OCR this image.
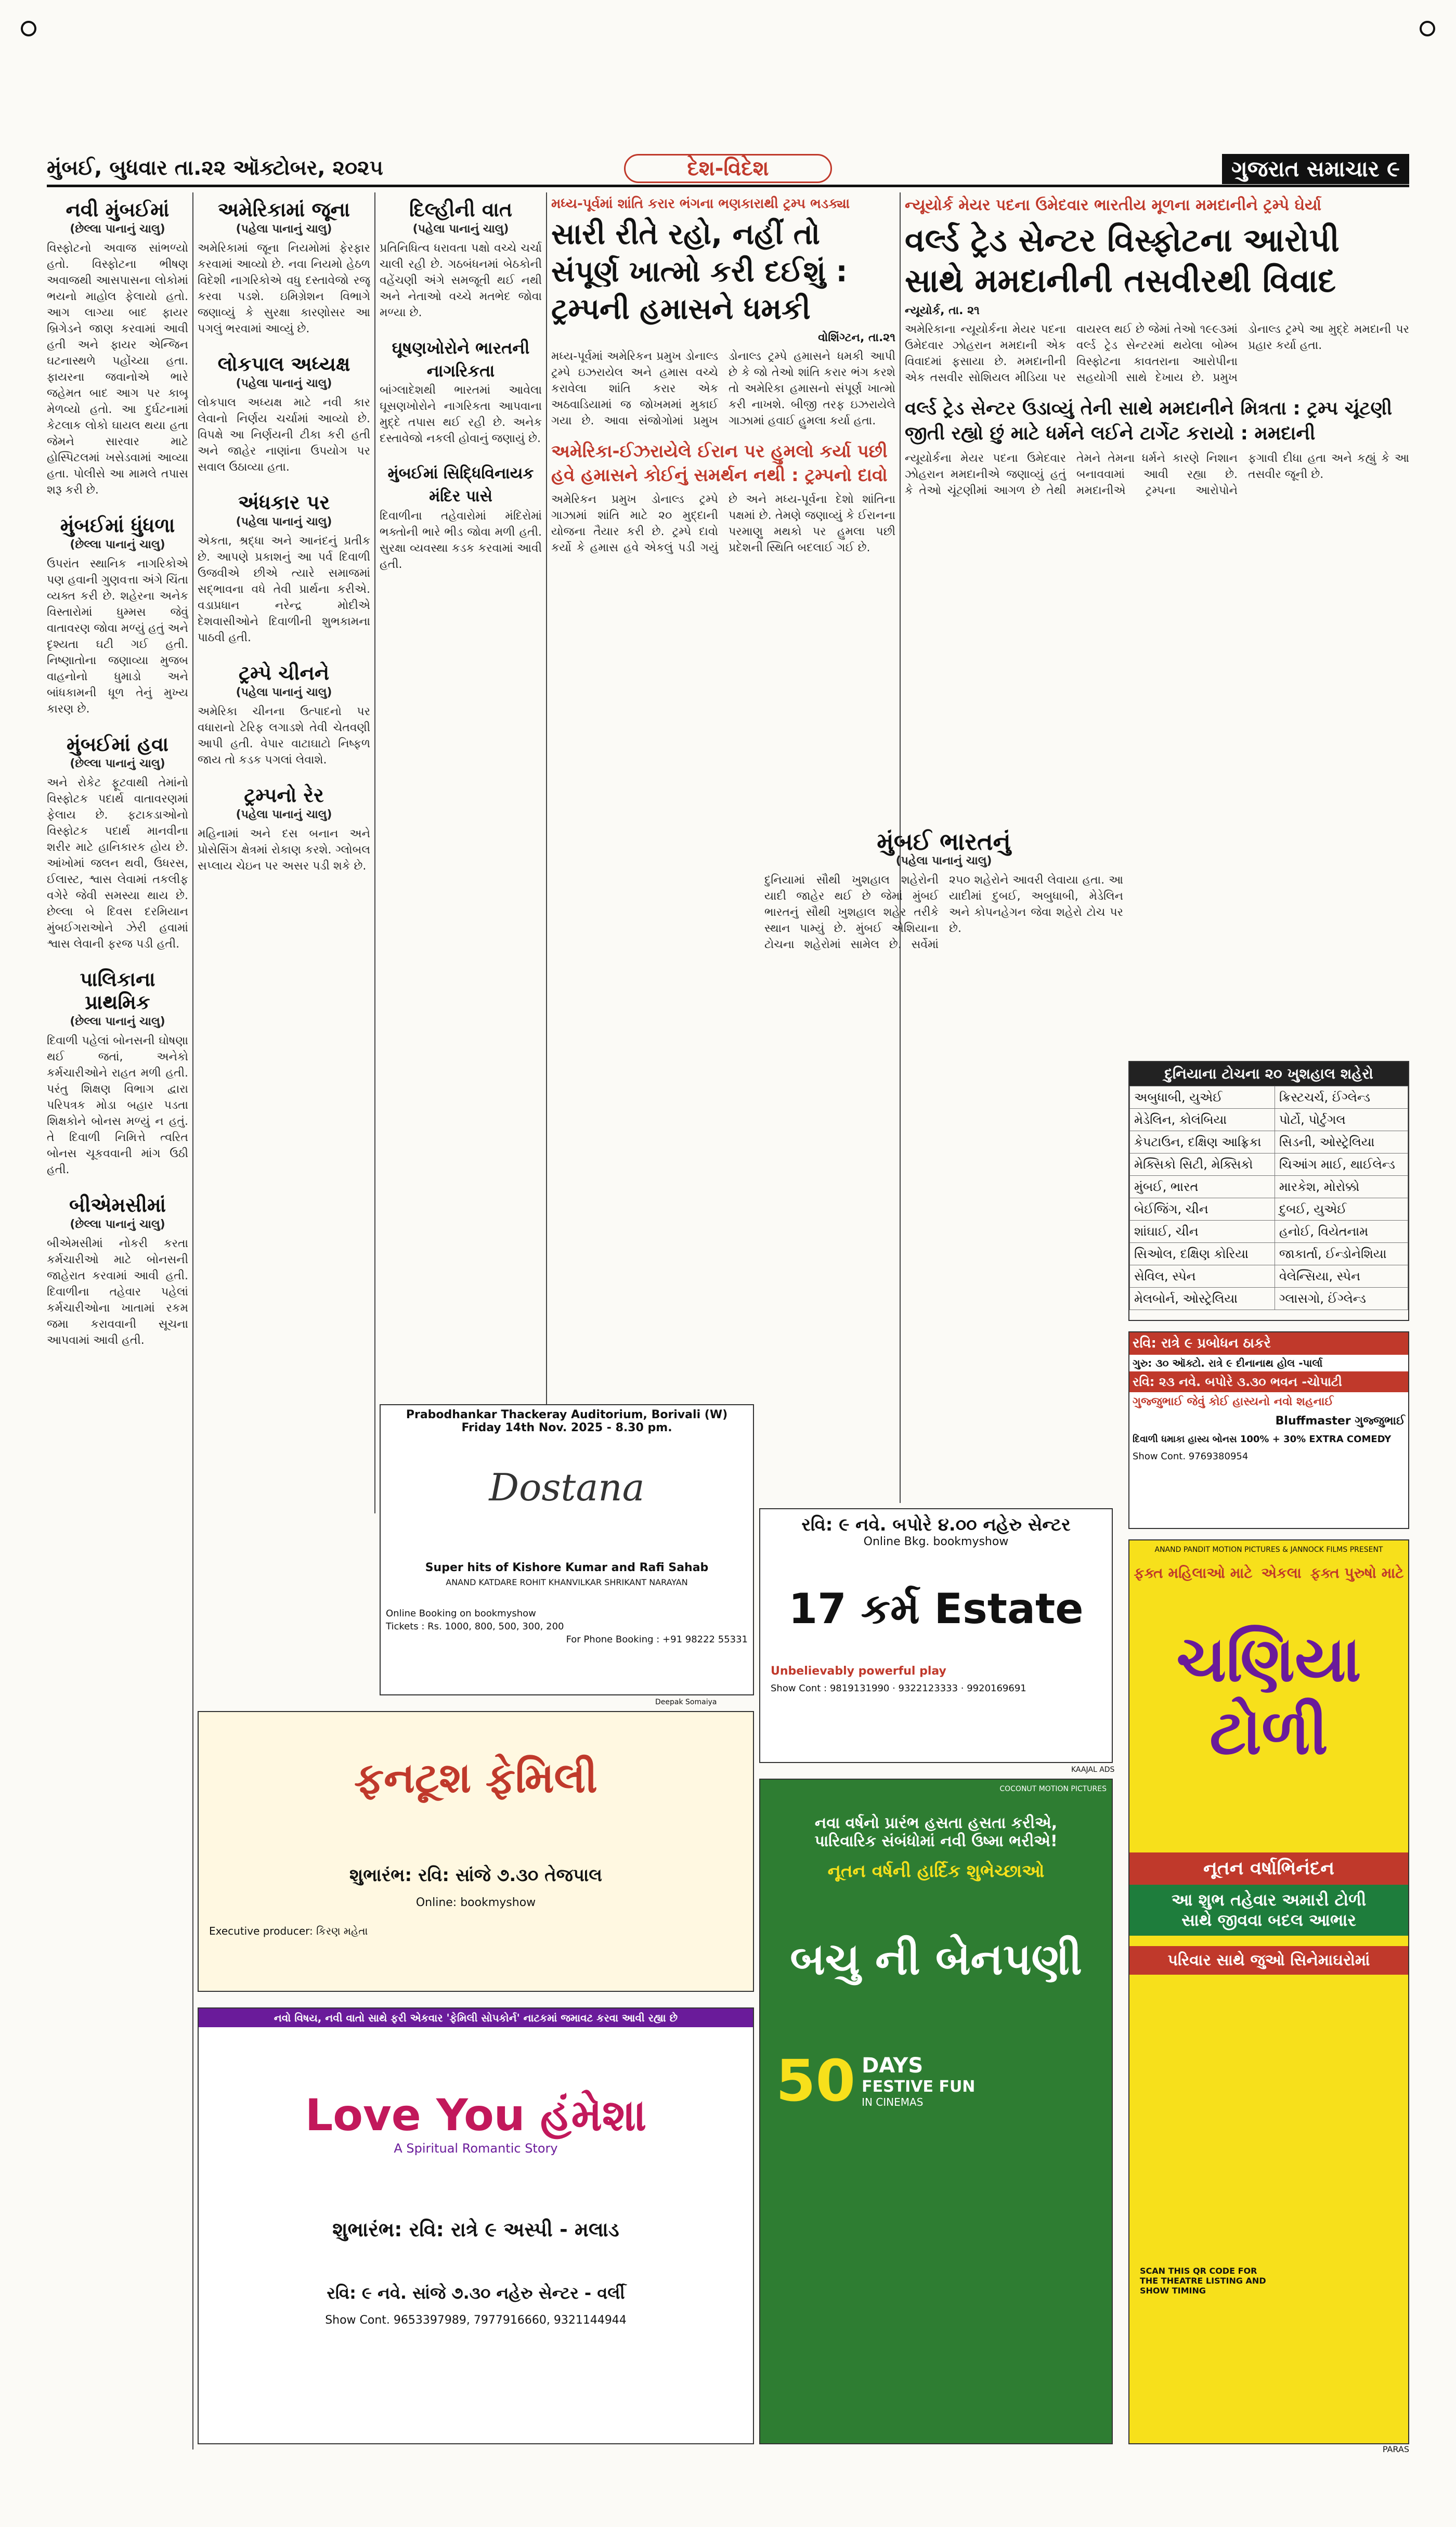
મુંબઈ, બુધવાર તા.૨૨ ઑક્ટોબર, ૨૦૨૫	દેશ-વિદેશ	ગુજરાત સમાચાર ૯
નવી મુંબઈમાં
(છેલ્લા પાનાનું ચાલુ)

વિસ્ફોટનો અવાજ સાંભળ્યો હતો. વિસ્ફોટના ભીષણ અવાજથી આસપાસના લોકોમાં ભયનો માહોલ ફેલાયો હતો. આગ લાગ્યા બાદ ફાયર બ્રિગેડને જાણ કરવામાં આવી હતી અને ફાયર એન્જિન ઘટનાસ્થળે પહોંચ્યા હતા. ફાયરના જવાનોએ ભારે જહેમત બાદ આગ પર કાબૂ મેળવ્યો હતો. આ દુર્ઘટનામાં કેટલાક લોકો ઘાયલ થયા હતા જેમને સારવાર માટે હોસ્પિટલમાં ખસેડવામાં આવ્યા હતા. પોલીસે આ મામલે તપાસ શરૂ કરી છે.

મુંબઈમાં ધુંધળા
(છેલ્લા પાનાનું ચાલુ)

ઉપરાંત સ્થાનિક નાગરિકોએ પણ હવાની ગુણવત્તા અંગે ચિંતા વ્યક્ત કરી છે. શહેરના અનેક વિસ્તારોમાં ધુમ્મસ જેવું વાતાવરણ જોવા મળ્યું હતું અને દૃશ્યતા ઘટી ગઈ હતી. નિષ્ણાતોના જણાવ્યા મુજબ વાહનોનો ધુમાડો અને બાંધકામની ધૂળ તેનું મુખ્ય કારણ છે.

મુંબઈમાં હવા
(છેલ્લા પાનાનું ચાલુ)

અને રોકેટ ફૂટવાથી તેમાંનો વિસ્ફોટક પદાર્થ વાતાવરણમાં ફેલાય છે. ફટાકડાઓનો વિસ્ફોટક પદાર્થ માનવીના શરીર માટે હાનિકારક હોય છે. આંખોમાં જલન થવી, ઉધરસ, ઈલાસ્ટ, શ્વાસ લેવામાં તકલીફ વગેરે જેવી સમસ્યા થાય છે. છેલ્લા બે દિવસ દરમિયાન મુંબઈગરાઓને ઝેરી હવામાં શ્વાસ લેવાની ફરજ પડી હતી.

પાલિકાના પ્રાથમિક
(છેલ્લા પાનાનું ચાલુ)

દિવાળી પહેલાં બોનસની ઘોષણા થઈ જતાં, અનેકો કર્મચારીઓને રાહત મળી હતી. પરંતુ શિક્ષણ વિભાગ દ્વારા પરિપત્રક મોડા બહાર પડતા શિક્ષકોને બોનસ મળ્યું ન હતું. તે દિવાળી નિમિત્તે ત્વરિત બોનસ ચૂકવવાની માંગ ઉઠી હતી.

બીએમસીમાં
(છેલ્લા પાનાનું ચાલુ)

બીએમસીમાં નોકરી કરતા કર્મચારીઓ માટે બોનસની જાહેરાત કરવામાં આવી હતી. દિવાળીના તહેવાર પહેલાં કર્મચારીઓના ખાતામાં રકમ જમા કરાવવાની સૂચના આપવામાં આવી હતી.

અમેરિકામાં જૂના
(પહેલા પાનાનું ચાલુ)

અમેરિકામાં જૂના નિયમોમાં ફેરફાર કરવામાં આવ્યો છે. નવા નિયમો હેઠળ વિદેશી નાગરિકોએ વધુ દસ્તાવેજો રજૂ કરવા પડશે. ઇમિગ્રેશન વિભાગે જણાવ્યું કે સુરક્ષા કારણોસર આ પગલું ભરવામાં આવ્યું છે.

લોકપાલ અધ્યક્ષ
(પહેલા પાનાનું ચાલુ)

લોકપાલ અધ્યક્ષ માટે નવી કાર લેવાનો નિર્ણય ચર્ચામાં આવ્યો છે. વિપક્ષે આ નિર્ણયની ટીકા કરી હતી અને જાહેર નાણાંના ઉપયોગ પર સવાલ ઉઠાવ્યા હતા.

અંધકાર પર
(પહેલા પાનાનું ચાલુ)

એકતા, શ્રદ્ધા અને આનંદનું પ્રતીક છે. આપણે પ્રકાશનું આ પર્વ દિવાળી ઉજવીએ છીએ ત્યારે સમાજમાં સદ્ભાવના વધે તેવી પ્રાર્થના કરીએ. વડાપ્રધાન નરેન્દ્ર મોદીએ દેશવાસીઓને દિવાળીની શુભકામના પાઠવી હતી.

ટ્રમ્પે ચીનને
(પહેલા પાનાનું ચાલુ)

અમેરિકા ચીનના ઉત્પાદનો પર વધારાનો ટેરિફ લગાડશે તેવી ચેતવણી આપી હતી. વેપાર વાટાઘાટો નિષ્ફળ જાય તો કડક પગલાં લેવાશે.

ટ્રમ્પનો રેર
(પહેલા પાનાનું ચાલુ)

મહિનામાં અને દસ બનાન અને પ્રોસેસિંગ ક્ષેત્રમાં રોકાણ કરશે. ગ્લોબલ સપ્લાય ચેઇન પર અસર પડી શકે છે.

દિલ્હીની વાત
(પહેલા પાનાનું ચાલુ)

પ્રતિનિધિત્વ ધરાવતા પક્ષો વચ્ચે ચર્ચા ચાલી રહી છે. ગઠબંધનમાં બેઠકોની વહેંચણી અંગે સમજૂતી થઈ નથી અને નેતાઓ વચ્ચે મતભેદ જોવા મળ્યા છે.

ઘૂષણખોરોને ભારતની નાગરિકતા

બાંગ્લાદેશથી ભારતમાં આવેલા ઘૂસણખોરોને નાગરિકતા આપવાના મુદ્દે તપાસ થઈ રહી છે. અનેક દસ્તાવેજો નકલી હોવાનું જણાયું છે.

મુંબઈમાં સિદ્ધિવિનાયક મંદિર પાસે

દિવાળીના તહેવારોમાં મંદિરોમાં ભક્તોની ભારે ભીડ જોવા મળી હતી. સુરક્ષા વ્યવસ્થા કડક કરવામાં આવી હતી.

મધ્ય-પૂર્વમાં શાંતિ કરાર ભંગના ભણકારાથી ટ્રમ્પ ભડક્યા
સારી રીતે રહો, નહીં તો સંપૂર્ણ ખાત્મો કરી દઈશું : ટ્રમ્પની હમાસને ધમકી
વોશિંગ્ટન, તા.૨૧
મધ્ય-પૂર્વમાં અમેરિકન પ્રમુખ ડોનાલ્ડ ટ્રમ્પે ઇઝરાયેલ અને હમાસ વચ્ચે કરાવેલા શાંતિ કરાર એક અઠવાડિયામાં જ જોખમમાં મુકાઈ ગયા છે. આવા સંજોગોમાં પ્રમુખ ડોનાલ્ડ ટ્રમ્પે હમાસને ધમકી આપી છે કે જો તેઓ શાંતિ કરાર ભંગ કરશે તો અમેરિકા હમાસનો સંપૂર્ણ ખાત્મો કરી નાખશે. બીજી તરફ ઇઝરાયેલે ગાઝામાં હવાઈ હુમલા કર્યા હતા.
અમેરિકા-ઈઝરાયેલે ઈરાન પર હુમલો કર્યા પછી હવે હમાસને કોઈનું સમર્થન નથી : ટ્રમ્પનો દાવો
અમેરિકન પ્રમુખ ડોનાલ્ડ ટ્રમ્પે ગાઝામાં શાંતિ માટે ૨૦ મુદ્દાની યોજના તૈયાર કરી છે. ટ્રમ્પે દાવો કર્યો કે હમાસ હવે એકલું પડી ગયું છે અને મધ્ય-પૂર્વના દેશો શાંતિના પક્ષમાં છે. તેમણે જણાવ્યું કે ઈરાનના પરમાણુ મથકો પર હુમલા પછી પ્રદેશની સ્થિતિ બદલાઈ ગઈ છે.
ન્યૂયોર્ક મેયર પદના ઉમેદવાર ભારતીય મૂળના મમદાનીને ટ્રમ્પે ઘેર્યા
વર્લ્ડ ટ્રેડ સેન્ટર વિસ્ફોટના આરોપી સાથે મમદાનીની તસવીરથી વિવાદ
ન્યૂયોર્ક, તા. ૨૧
અમેરિકાના ન્યૂયોર્કના મેયર પદના ઉમેદવાર ઝોહરાન મમદાની એક વિવાદમાં ફસાયા છે. મમદાનીની એક તસવીર સોશિયલ મીડિયા પર વાયરલ થઈ છે જેમાં તેઓ ૧૯૯૩માં વર્લ્ડ ટ્રેડ સેન્ટરમાં થયેલા બોમ્બ વિસ્ફોટના કાવતરાના આરોપીના સહયોગી સાથે દેખાય છે. પ્રમુખ ડોનાલ્ડ ટ્રમ્પે આ મુદ્દે મમદાની પર પ્રહાર કર્યા હતા.
વર્લ્ડ ટ્રેડ સેન્ટર ઉડાવ્યું તેની સાથે મમદાનીને મિત્રતા : ટ્રમ્પ ચૂંટણી જીતી રહ્યો છું માટે ધર્મને લઈને ટાર્ગેટ કરાયો : મમદાની
ન્યૂયોર્કના મેયર પદના ઉમેદવાર ઝોહરાન મમદાનીએ જણાવ્યું હતું કે તેઓ ચૂંટણીમાં આગળ છે તેથી તેમને તેમના ધર્મને કારણે નિશાન બનાવવામાં આવી રહ્યા છે. મમદાનીએ ટ્રમ્પના આરોપોને ફગાવી દીધા હતા અને કહ્યું કે આ તસવીર જૂની છે.
મુંબઈ ભારતનું
(પહેલા પાનાનું ચાલુ)

દુનિયામાં સૌથી ખુશહાલ શહેરોની યાદી જાહેર થઈ છે જેમાં મુંબઈ ભારતનું સૌથી ખુશહાલ શહેર તરીકે સ્થાન પામ્યું છે. મુંબઈ એશિયાના ટોચના શહેરોમાં સામેલ છે. સર્વેમાં ૨૫૦ શહેરોને આવરી લેવાયા હતા. આ યાદીમાં દુબઈ, અબુધાબી, મેડેલિન અને કોપનહેગન જેવા શહેરો ટોચ પર છે.

દુનિયાના ટોચના ૨૦ ખુશહાલ શહેરો
અબુધાબી, યુએઈ	ક્રિસ્ટચર્ચ, ઈંગ્લેન્ડ
મેડેલિન, કોલંબિયા	પોર્ટો, પોર્ટુગલ
કેપટાઉન, દક્ષિણ આફ્રિકા	સિડની, ઓસ્ટ્રેલિયા
મેક્સિકો સિટી, મેક્સિકો	ચિઆંગ માઈ, થાઈલેન્ડ
મુંબઈ, ભારત	મારકેશ, મોરોક્કો
બેઈજિંગ, ચીન	દુબઈ, યુએઈ
શાંઘાઈ, ચીન	હનોઈ, વિયેતનામ
સિઓલ, દક્ષિણ કોરિયા	જાકાર્તા, ઈન્ડોનેશિયા
સેવિલ, સ્પેન	વેલેન્સિયા, સ્પેન
મેલબોર્ન, ઓસ્ટ્રેલિયા	ગ્લાસગો, ઈંગ્લેન્ડ
Prabodhankar Thackeray Auditorium, Borivali (W)
Friday 14th Nov. 2025 - 8.30 pm.
Dostana
Super hits of Kishore Kumar and Rafi Sahab
ANAND KATDARE ROHIT KHANVILKAR SHRIKANT NARAYAN
Online Booking on bookmyshow
Tickets : Rs. 1000, 800, 500, 300, 200
For Phone Booking : +91 98222 55331
ફનટૂશ ફેમિલી
શુભારંભ: રવિ: સાંજે ૭.૩૦ તેજપાલ
Online: bookmyshow
Executive producer: કિરણ મહેતા
નવો વિષય, નવી વાતો સાથે ફરી એકવાર 'ફેમિલી સોપકોર્ન' નાટકમાં જમાવટ કરવા આવી રહ્યા છે
Love You હંમેશા
A Spiritual Romantic Story
શુભારંભ: રવિ: રાત્રે ૯ અસ્પી - મલાડ
રવિ: ૯ નવે. સાંજે ૭.૩૦ નહેરુ સેન્ટર - વર્લી
Show Cont. 9653397989, 7977916660, 9321144944
રવિ: ૯ નવે. બપોરે ૪.૦૦ નહેરુ સેન્ટર
Online Bkg. bookmyshow
17 કર્મ Estate
Unbelievably powerful play
Show Cont : 9819131990 · 9322123333 · 9920169691
COCONUT MOTION PICTURES
નવા વર્ષનો પ્રારંભ હસતા હસતા કરીએ,
પારિવારિક સંબંધોમાં નવી ઉષ્મા ભરીએ!
નૂતન વર્ષની હાર્દિક શુભેચ્છાઓ
બચુ ની બેનપણી
50 DAYS
FESTIVE FUN
IN CINEMAS
રવિ: રાત્રે ૯ પ્રબોધન ઠાકરે
ગુરુ: ૩૦ ઑક્ટો. રાત્રે ૯ દીનાનાથ હોલ -પાર્લા
રવિ: ૨૩ નવે. બપોરે ૩.૩૦ ભવન -ચોપાટી
ગુજ્જુભાઈ જેવું કોઈ હાસ્યનો નવો શહનાઈ
Bluffmaster ગુજ્જુભાઈ
દિવાળી ધમાકા હાસ્ય બોનસ 100% + 30% EXTRA COMEDY
Show Cont. 9769380954
ANAND PANDIT MOTION PICTURES & JANNOCK FILMS PRESENT
ફક્ત મહિલાઓ માટે એકલા ફક્ત પુરુષો માટે
ચણિયા ટોળી
નૂતન વર્ષાભિનંદન
આ શુભ તહેવાર અમારી ટોળી
સાથે જીવવા બદલ આભાર
પરિવાર સાથે જુઓ સિનેમાઘરોમાં
SCAN THIS QR CODE FOR THE THEATRE LISTING AND SHOW TIMING
Deepak Somaiya
KAAJAL ADS
PARAS
